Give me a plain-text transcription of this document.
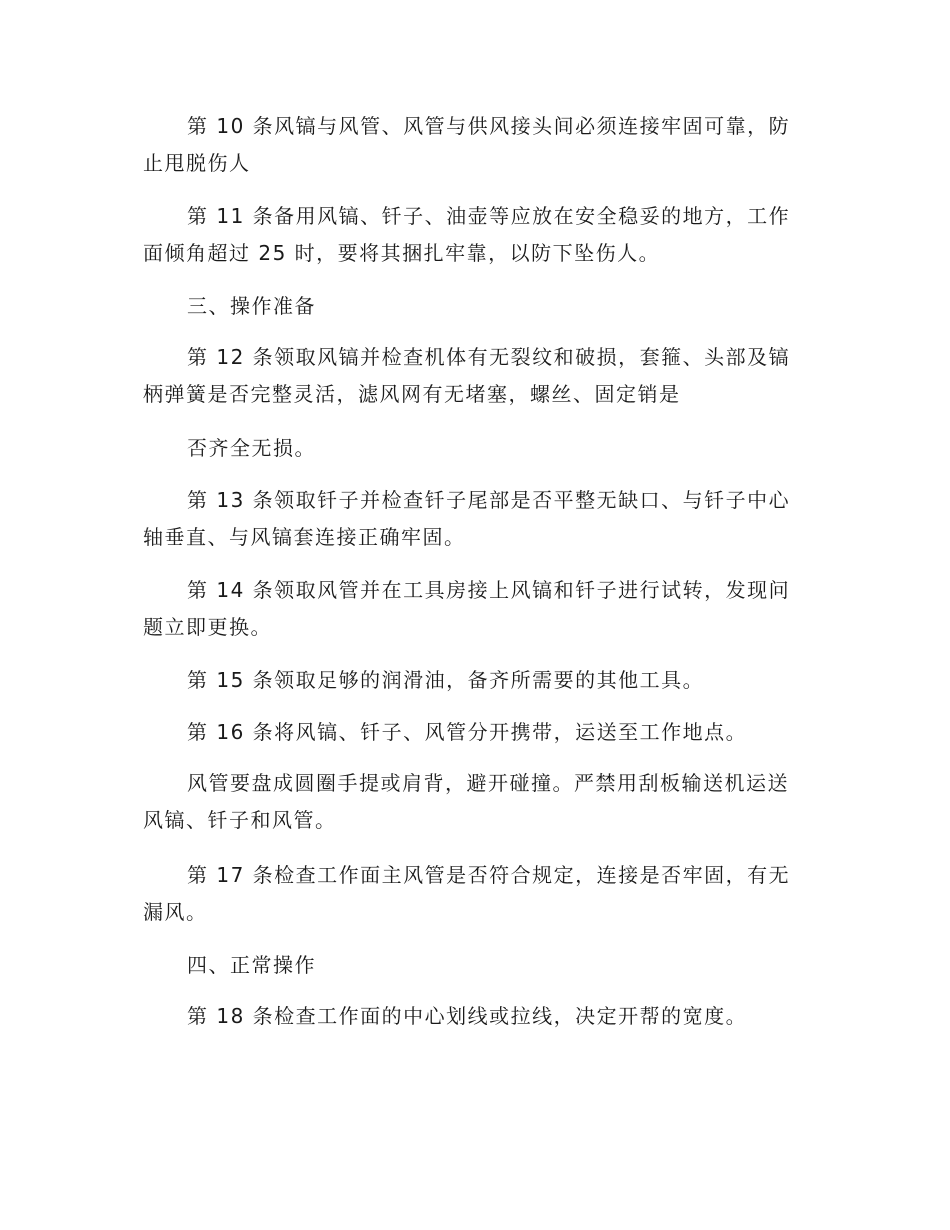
第 10 条风镐与风管、风管与供风接头间必须连接牢固可靠，防止甩脱伤人

第 11 条备用风镐、钎子、油壶等应放在安全稳妥的地方，工作面倾角超过 25 时，要将其捆扎牢靠，以防下坠伤人。

三、操作准备

第 12 条领取风镐并检查机体有无裂纹和破损，套箍、头部及镐柄弹簧是否完整灵活，滤风网有无堵塞，螺丝、固定销是

否齐全无损。

第 13 条领取钎子并检查钎子尾部是否平整无缺口、与钎子中心轴垂直、与风镐套连接正确牢固。

第 14 条领取风管并在工具房接上风镐和钎子进行试转，发现问题立即更换。

第 15 条领取足够的润滑油，备齐所需要的其他工具。

第 16 条将风镐、钎子、风管分开携带，运送至工作地点。

风管要盘成圆圈手提或肩背，避开碰撞。严禁用刮板输送机运送风镐、钎子和风管。

第 17 条检查工作面主风管是否符合规定，连接是否牢固，有无漏风。

四、正常操作

第 18 条检查工作面的中心划线或拉线，决定开帮的宽度。
